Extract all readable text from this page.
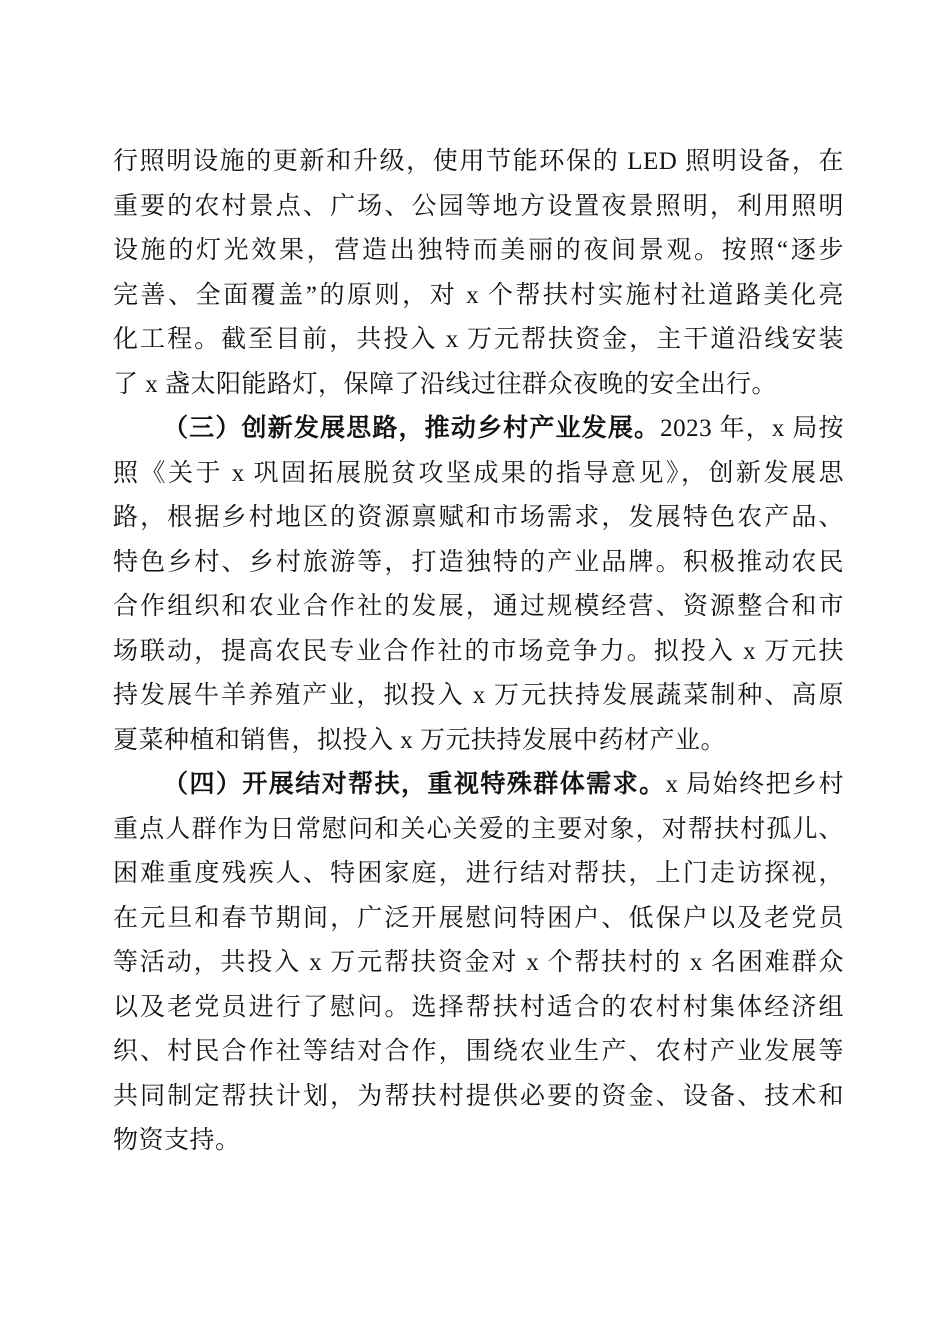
行照明设施的更新和升级，使用节能环保的 LED 照明设备，在
重要的农村景点、广场、公园等地方设置夜景照明，利用照明
设施的灯光效果，营造出独特而美丽的夜间景观。按照“逐步
完善、全面覆盖”的原则，对 x 个帮扶村实施村社道路美化亮
化工程。截至目前，共投入 x 万元帮扶资金，主干道沿线安装
了 x 盏太阳能路灯，保障了沿线过往群众夜晚的安全出行。
（三）创新发展思路，推动乡村产业发展。2023 年，x 局按
照《关于 x 巩固拓展脱贫攻坚成果的指导意见》，创新发展思
路，根据乡村地区的资源禀赋和市场需求，发展特色农产品、
特色乡村、乡村旅游等，打造独特的产业品牌。积极推动农民
合作组织和农业合作社的发展，通过规模经营、资源整合和市
场联动，提高农民专业合作社的市场竞争力。拟投入 x 万元扶
持发展牛羊养殖产业，拟投入 x 万元扶持发展蔬菜制种、高原
夏菜种植和销售，拟投入 x 万元扶持发展中药材产业。
（四）开展结对帮扶，重视特殊群体需求。x 局始终把乡村
重点人群作为日常慰问和关心关爱的主要对象，对帮扶村孤儿、
困难重度残疾人、特困家庭，进行结对帮扶，上门走访探视，
在元旦和春节期间，广泛开展慰问特困户、低保户以及老党员
等活动，共投入 x 万元帮扶资金对 x 个帮扶村的 x 名困难群众
以及老党员进行了慰问。选择帮扶村适合的农村村集体经济组
织、村民合作社等结对合作，围绕农业生产、农村产业发展等
共同制定帮扶计划，为帮扶村提供必要的资金、设备、技术和
物资支持。
